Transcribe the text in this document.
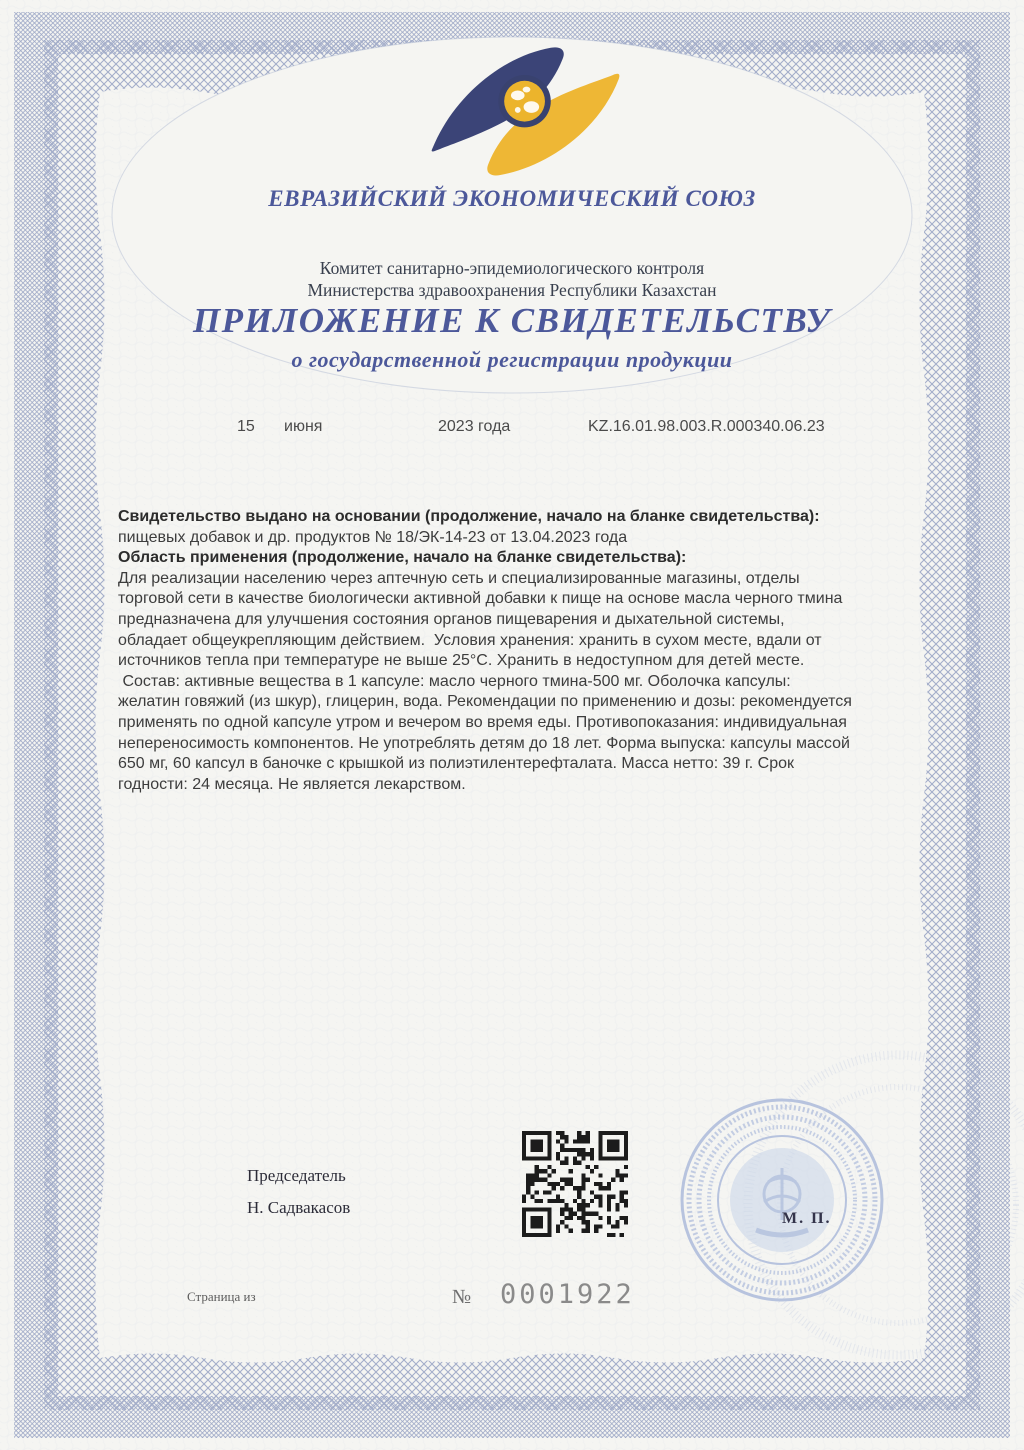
ЕВРАЗИЙСКИЙ ЭКОНОМИЧЕСКИЙ СОЮЗ
Комитет санитарно-эпидемиологического контроля
Министерства здравоохранения Республики Казахстан
ПРИЛОЖЕНИЕ К СВИДЕТЕЛЬСТВУ
о государственной регистрации продукции
15 июня	2023 года	KZ.16.01.98.003.R.000340.06.23
Свидетельство выдано на основании (продолжение, начало на бланке свидетельства):
пищевых добавок и др. продуктов № 18/ЭК-14-23 от 13.04.2023 года
Область применения (продолжение, начало на бланке свидетельства):
Для реализации населению через аптечную сеть и специализированные магазины, отделы
торговой сети в качестве биологически активной добавки к пище на основе масла черного тмина
предназначена для улучшения состояния органов пищеварения и дыхательной системы,
обладает общеукрепляющим действием.  Условия хранения: хранить в сухом месте, вдали от
источников тепла при температуре не выше 25°С. Хранить в недоступном для детей месте.
Состав: активные вещества в 1 капсуле: масло черного тмина-500 мг. Оболочка капсулы:
желатин говяжий (из шкур), глицерин, вода. Рекомендации по применению и дозы: рекомендуется
применять по одной капсуле утром и вечером во время еды. Противопоказания: индивидуальная
непереносимость компонентов. Не употреблять детям до 18 лет. Форма выпуска: капсулы массой
650 мг, 60 капсул в баночке с крышкой из полиэтилентерефталата. Масса нетто: 39 г. Срок
годности: 24 месяца. Не является лекарством.
Председатель
Н. Садвакасов
М. П.
Страница из	№ 0001922
